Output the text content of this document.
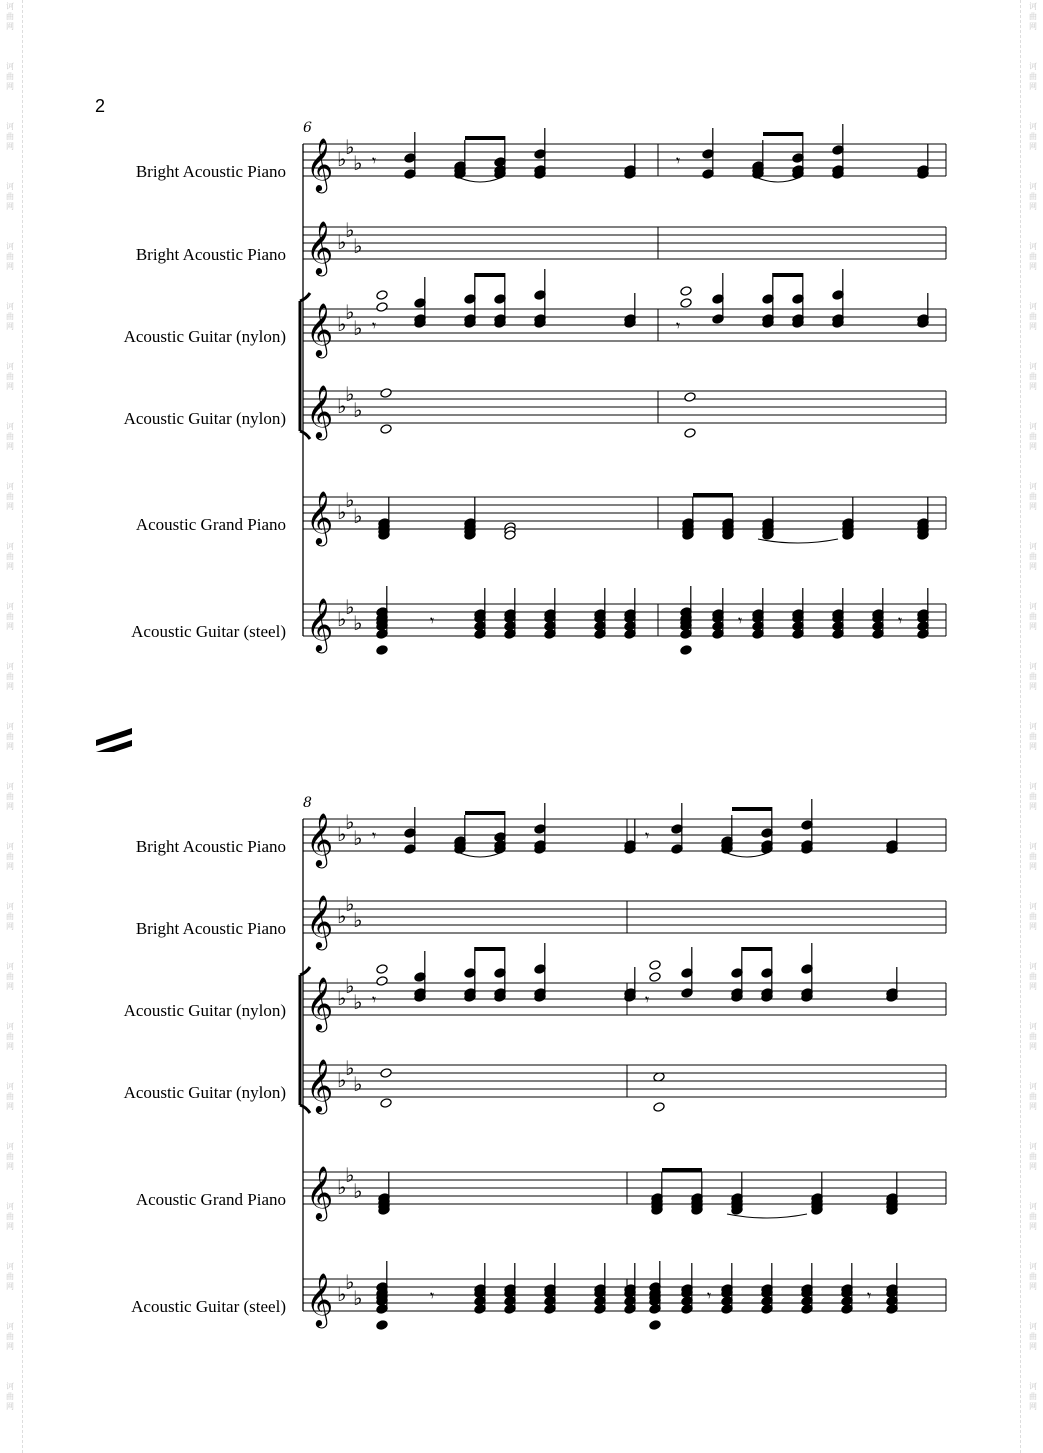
诃
曲
网
诃
曲
网
诃
曲
网
诃
曲
网
诃
曲
网
诃
曲
网
诃
曲
网
诃
曲
网
诃
曲
网
诃
曲
网
诃
曲
网
诃
曲
网
诃
曲
网
诃
曲
网
诃
曲
网
诃
曲
网
诃
曲
网
诃
曲
网
诃
曲
网
诃
曲
网
诃
曲
网
诃
曲
网
诃
曲
网
诃
曲
网
诃
曲
网
诃
曲
网
诃
曲
网
诃
曲
网
诃
曲
网
诃
曲
网
诃
曲
网
诃
曲
网
诃
曲
网
诃
曲
网
诃
曲
网
诃
曲
网
诃
曲
网
诃
曲
网
诃
曲
网
诃
曲
网
诃
曲
网
诃
曲
网
诃
曲
网
诃
曲
网
诃
曲
网
诃
曲
网
诃
曲
网
诃
曲
网
2
6
Bright Acoustic Piano
Bright Acoustic Piano
Acoustic Guitar (nylon)
Acoustic Guitar (nylon)
Acoustic Grand Piano
Acoustic Guitar (steel)
8
Bright Acoustic Piano
Bright Acoustic Piano
Acoustic Guitar (nylon)
Acoustic Guitar (nylon)
Acoustic Grand Piano
Acoustic Guitar (steel)
𝄞 ♭
♭
♭
𝄞 ♭
♭
♭
𝄞 ♭
♭
♭
𝄞 ♭
♭
♭
𝄞 ♭
♭
♭
𝄞 ♭
♭
♭
𝄾	𝄾
𝄾	𝄾
𝄾	𝄾	𝄾
𝄞 ♭
♭
♭
𝄞 ♭
♭
♭
𝄞 ♭
♭
♭
𝄞 ♭
♭
♭
𝄞 ♭
♭
♭
𝄞 ♭
♭
♭
𝄾	𝄾
𝄾	𝄾
𝄾	𝄾	𝄾
